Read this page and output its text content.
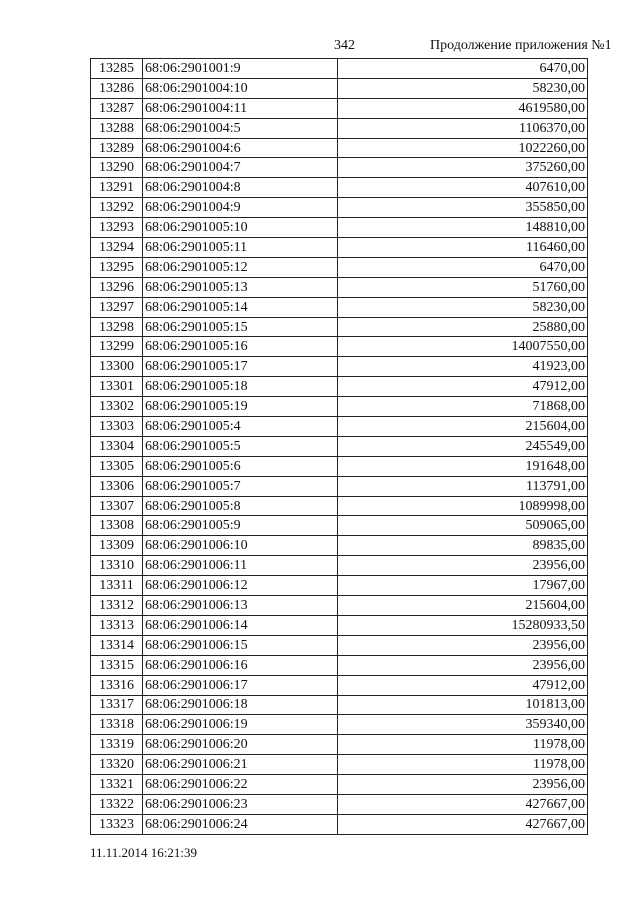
342	Продолжение приложения №1
13285	68:06:2901001:9	6470,00
13286	68:06:2901004:10	58230,00
13287	68:06:2901004:11	4619580,00
13288	68:06:2901004:5	1106370,00
13289	68:06:2901004:6	1022260,00
13290	68:06:2901004:7	375260,00
13291	68:06:2901004:8	407610,00
13292	68:06:2901004:9	355850,00
13293	68:06:2901005:10	148810,00
13294	68:06:2901005:11	116460,00
13295	68:06:2901005:12	6470,00
13296	68:06:2901005:13	51760,00
13297	68:06:2901005:14	58230,00
13298	68:06:2901005:15	25880,00
13299	68:06:2901005:16	14007550,00
13300	68:06:2901005:17	41923,00
13301	68:06:2901005:18	47912,00
13302	68:06:2901005:19	71868,00
13303	68:06:2901005:4	215604,00
13304	68:06:2901005:5	245549,00
13305	68:06:2901005:6	191648,00
13306	68:06:2901005:7	113791,00
13307	68:06:2901005:8	1089998,00
13308	68:06:2901005:9	509065,00
13309	68:06:2901006:10	89835,00
13310	68:06:2901006:11	23956,00
13311	68:06:2901006:12	17967,00
13312	68:06:2901006:13	215604,00
13313	68:06:2901006:14	15280933,50
13314	68:06:2901006:15	23956,00
13315	68:06:2901006:16	23956,00
13316	68:06:2901006:17	47912,00
13317	68:06:2901006:18	101813,00
13318	68:06:2901006:19	359340,00
13319	68:06:2901006:20	11978,00
13320	68:06:2901006:21	11978,00
13321	68:06:2901006:22	23956,00
13322	68:06:2901006:23	427667,00
13323	68:06:2901006:24	427667,00
11.11.2014 16:21:39
